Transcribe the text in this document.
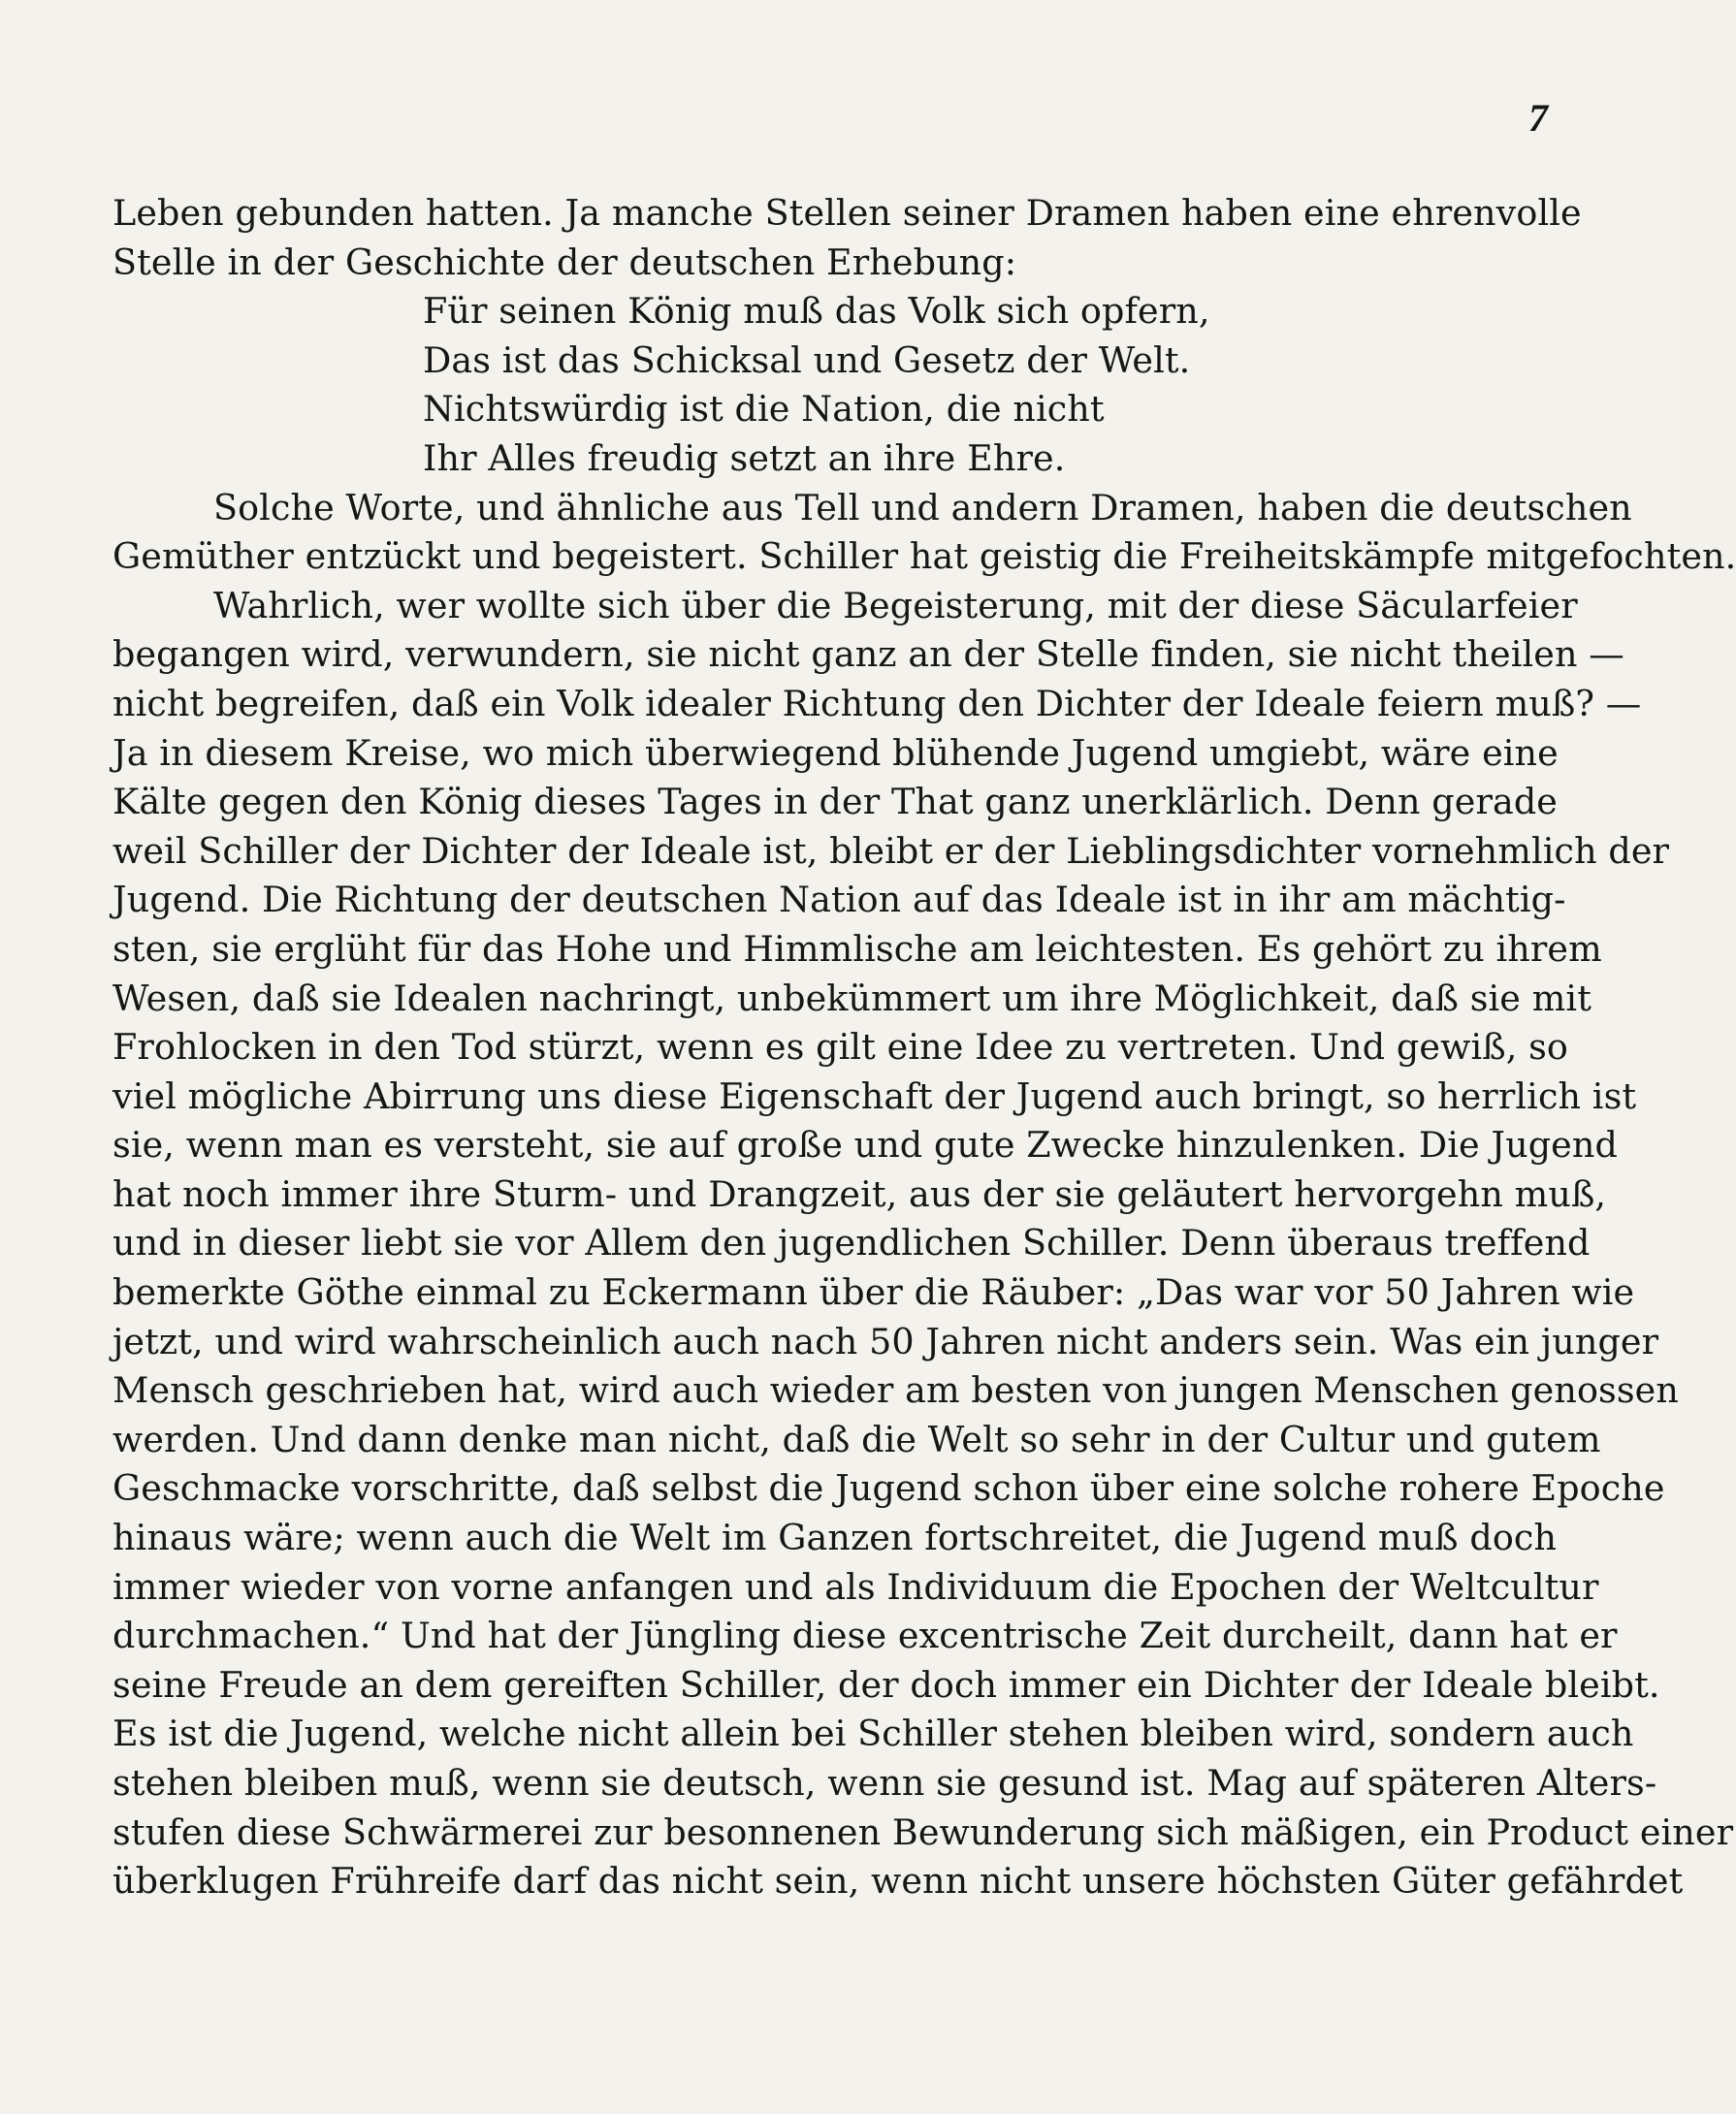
7
Leben gebunden hatten. Ja manche Stellen seiner Dramen haben eine ehrenvolle
Stelle in der Geschichte der deutschen Erhebung:
Für seinen König muß das Volk sich opfern,
Das ist das Schicksal und Gesetz der Welt.
Nichtswürdig ist die Nation, die nicht
Ihr Alles freudig setzt an ihre Ehre.
Solche Worte, und ähnliche aus Tell und andern Dramen, haben die deutschen
Gemüther entzückt und begeistert. Schiller hat geistig die Freiheitskämpfe mitgefochten.
Wahrlich, wer wollte sich über die Begeisterung, mit der diese Säcularfeier
begangen wird, verwundern, sie nicht ganz an der Stelle finden, sie nicht theilen —
nicht begreifen, daß ein Volk idealer Richtung den Dichter der Ideale feiern muß? —
Ja in diesem Kreise, wo mich überwiegend blühende Jugend umgiebt, wäre eine
Kälte gegen den König dieses Tages in der That ganz unerklärlich. Denn gerade
weil Schiller der Dichter der Ideale ist, bleibt er der Lieblingsdichter vornehmlich der
Jugend. Die Richtung der deutschen Nation auf das Ideale ist in ihr am mächtig-
sten, sie erglüht für das Hohe und Himmlische am leichtesten. Es gehört zu ihrem
Wesen, daß sie Idealen nachringt, unbekümmert um ihre Möglichkeit, daß sie mit
Frohlocken in den Tod stürzt, wenn es gilt eine Idee zu vertreten. Und gewiß, so
viel mögliche Abirrung uns diese Eigenschaft der Jugend auch bringt, so herrlich ist
sie, wenn man es versteht, sie auf große und gute Zwecke hinzulenken. Die Jugend
hat noch immer ihre Sturm- und Drangzeit, aus der sie geläutert hervorgehn muß,
und in dieser liebt sie vor Allem den jugendlichen Schiller. Denn überaus treffend
bemerkte Göthe einmal zu Eckermann über die Räuber: „Das war vor 50 Jahren wie
jetzt, und wird wahrscheinlich auch nach 50 Jahren nicht anders sein. Was ein junger
Mensch geschrieben hat, wird auch wieder am besten von jungen Menschen genossen
werden. Und dann denke man nicht, daß die Welt so sehr in der Cultur und gutem
Geschmacke vorschritte, daß selbst die Jugend schon über eine solche rohere Epoche
hinaus wäre; wenn auch die Welt im Ganzen fortschreitet, die Jugend muß doch
immer wieder von vorne anfangen und als Individuum die Epochen der Weltcultur
durchmachen.“ Und hat der Jüngling diese excentrische Zeit durcheilt, dann hat er
seine Freude an dem gereiften Schiller, der doch immer ein Dichter der Ideale bleibt.
Es ist die Jugend, welche nicht allein bei Schiller stehen bleiben wird, sondern auch
stehen bleiben muß, wenn sie deutsch, wenn sie gesund ist. Mag auf späteren Alters-
stufen diese Schwärmerei zur besonnenen Bewunderung sich mäßigen, ein Product einer
überklugen Frühreife darf das nicht sein, wenn nicht unsere höchsten Güter gefährdet
